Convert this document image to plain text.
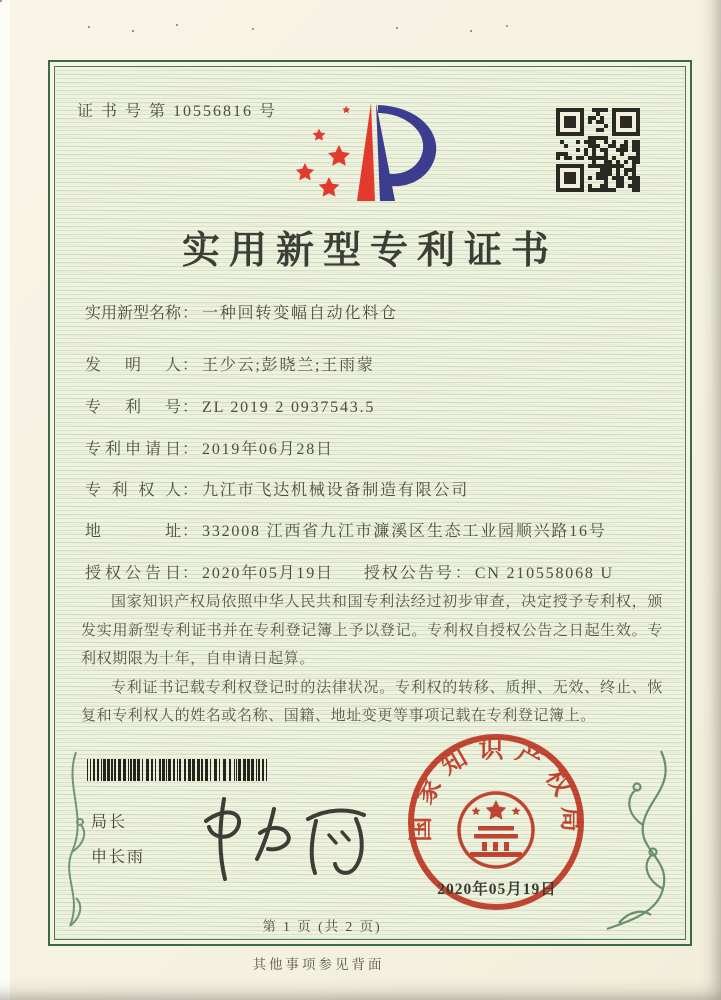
证 书 号 第 10556816 号
实用新型专利证书
实用新型名称： 一种回转变幅自动化料仓
发明人： 王少云;彭晓兰;王雨蒙
专利号： ZL 2019 2 0937543.5
专利申请日： 2019年06月28日
专利权人： 九江市飞达机械设备制造有限公司
地址： 332008 江西省九江市濂溪区生态工业园顺兴路16号
授权公告日： 2020年05月19日 授权公告号： CN 210558068 U

国家知识产权局依照中华人民共和国专利法经过初步审查，决定授予专利权，颁发实用新型专利证书并在专利登记簿上予以登记。专利权自授权公告之日起生效。专利权期限为十年，自申请日起算。

专利证书记载专利权登记时的法律状况。专利权的转移、质押、无效、终止、恢复和专利权人的姓名或名称、国籍、地址变更等事项记载在专利登记簿上。

局长
申长雨
国家知识产权局
2020年05月19日
第 1 页 (共 2 页)
其他事项参见背面
